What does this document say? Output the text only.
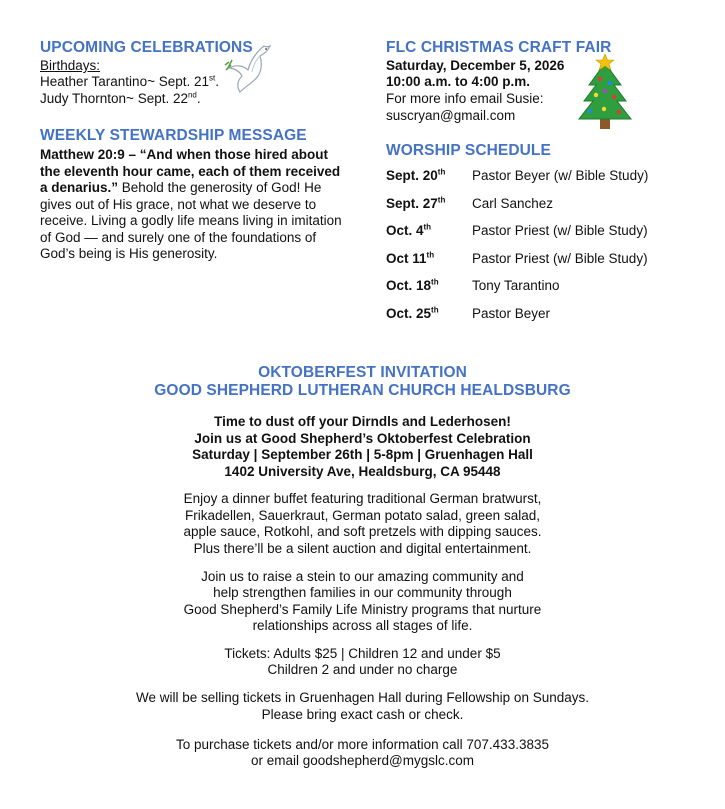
UPCOMING CELEBRATIONS
Birthdays:
Heather Tarantino~ Sept. 21st.
Judy Thornton~ Sept. 22nd.
WEEKLY STEWARDSHIP MESSAGE
Matthew 20:9 – “And when those hired about the eleventh hour came, each of them received a denarius.” Behold the generosity of God! He gives out of His grace, not what we deserve to receive. Living a godly life means living in imitation of God — and surely one of the foundations of God’s being is His generosity.
FLC CHRISTMAS CRAFT FAIR
Saturday, December 5, 2026
10:00 a.m. to 4:00 p.m.
For more info email Susie:
suscryan@gmail.com
WORSHIP SCHEDULE
Sept. 20th Pastor Beyer (w/ Bible Study)
Sept. 27th Carl Sanchez
Oct. 4th	Pastor Priest (w/ Bible Study)
Oct 11th	Pastor Priest (w/ Bible Study)
Oct. 18th Tony Tarantino
Oct. 25th Pastor Beyer
OKTOBERFEST INVITATION
GOOD SHEPHERD LUTHERAN CHURCH HEALDSBURG
Time to dust off your Dirndls and Lederhosen!
Join us at Good Shepherd’s Oktoberfest Celebration
Saturday | September 26th | 5-8pm | Gruenhagen Hall
1402 University Ave, Healdsburg, CA 95448
Enjoy a dinner buffet featuring traditional German bratwurst,
Frikadellen, Sauerkraut, German potato salad, green salad,
apple sauce, Rotkohl, and soft pretzels with dipping sauces.
Plus there’ll be a silent auction and digital entertainment.
Join us to raise a stein to our amazing community and
help strengthen families in our community through
Good Shepherd’s Family Life Ministry programs that nurture
relationships across all stages of life.
Tickets: Adults $25 | Children 12 and under $5
Children 2 and under no charge
We will be selling tickets in Gruenhagen Hall during Fellowship on Sundays.
Please bring exact cash or check.
To purchase tickets and/or more information call 707.433.3835
or email goodshepherd@mygslc.com
